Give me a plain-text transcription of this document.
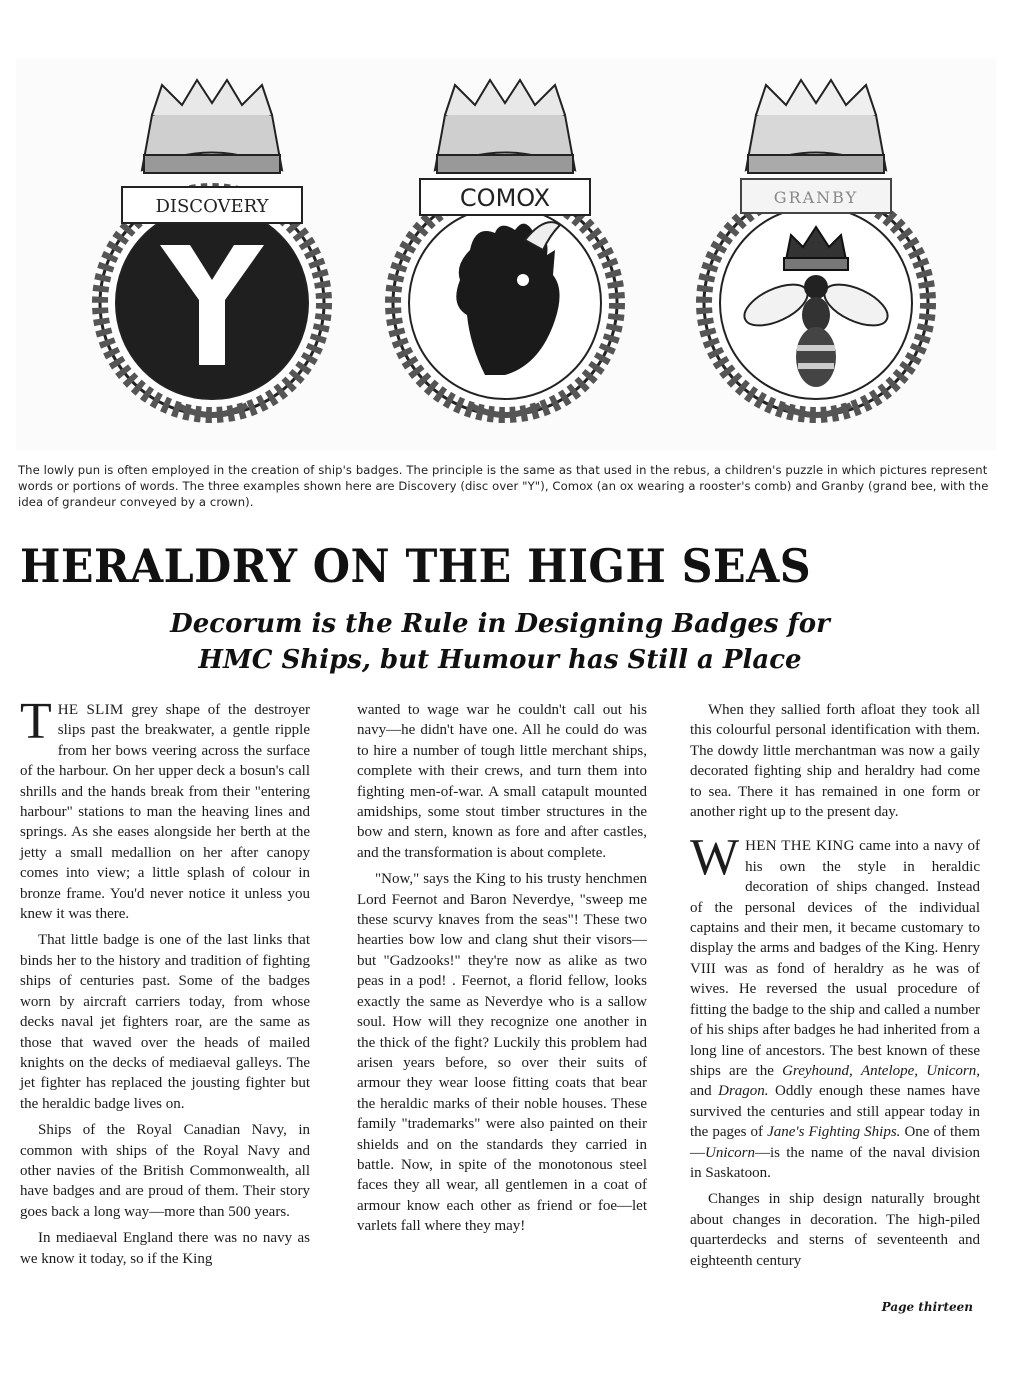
DISCOVERY	COMOX	GRANBY
The lowly pun is often employed in the creation of ship's badges. The principle is the same as that used in the rebus, a children's puzzle in which pictures represent words or portions of words. The three examples shown here are Discovery (disc over "Y"), Comox (an ox wearing a rooster's comb) and Granby (grand bee, with the idea of grandeur conveyed by a crown).
HERALDRY ON THE HIGH SEAS
Decorum is the Rule in Designing Badges for HMC Ships, but Humour has Still a Place

THE SLIM grey shape of the destroyer slips past the breakwater, a gentle ripple from her bows veering across the surface of the harbour. On her upper deck a bosun's call shrills and the hands break from their "entering harbour" stations to man the heaving lines and springs. As she eases alongside her berth at the jetty a small medallion on her after canopy comes into view; a little splash of colour in bronze frame. You'd never notice it unless you knew it was there.

That little badge is one of the last links that binds her to the history and tradition of fighting ships of centuries past. Some of the badges worn by aircraft carriers today, from whose decks naval jet fighters roar, are the same as those that waved over the heads of mailed knights on the decks of mediaeval galleys. The jet fighter has replaced the jousting fighter but the heraldic badge lives on.

Ships of the Royal Canadian Navy, in common with ships of the Royal Navy and other navies of the British Commonwealth, all have badges and are proud of them. Their story goes back a long way—more than 500 years.

In mediaeval England there was no navy as we know it today, so if the King

wanted to wage war he couldn't call out his navy—he didn't have one. All he could do was to hire a number of tough little merchant ships, complete with their crews, and turn them into fighting men-of-war. A small catapult mounted amidships, some stout timber structures in the bow and stern, known as fore and after castles, and the transformation is about complete.

"Now," says the King to his trusty henchmen Lord Feernot and Baron Neverdye, "sweep me these scurvy knaves from the seas"! These two hearties bow low and clang shut their visors—but "Gadzooks!" they're now as alike as two peas in a pod! . Feernot, a florid fellow, looks exactly the same as Neverdye who is a sallow soul. How will they recognize one another in the thick of the fight? Luckily this problem had arisen years before, so over their suits of armour they wear loose fitting coats that bear the heraldic marks of their noble houses. These family "trademarks" were also painted on their shields and on the standards they carried in battle. Now, in spite of the monotonous steel faces they all wear, all gentlemen in a coat of armour know each other as friend or foe—let varlets fall where they may!

When they sallied forth afloat they took all this colourful personal identification with them. The dowdy little merchantman was now a gaily decorated fighting ship and heraldry had come to sea. There it has remained in one form or another right up to the present day.

WHEN THE KING came into a navy of his own the style in heraldic decoration of ships changed. Instead of the personal devices of the individual captains and their men, it became customary to display the arms and badges of the King. Henry VIII was as fond of heraldry as he was of wives. He reversed the usual procedure of fitting the badge to the ship and called a number of his ships after badges he had inherited from a long line of ancestors. The best known of these ships are the Greyhound, Antelope, Unicorn, and Dragon. Oddly enough these names have survived the centuries and still appear today in the pages of Jane's Fighting Ships. One of them—Unicorn—is the name of the naval division in Saskatoon.

Changes in ship design naturally brought about changes in decoration. The high-piled quarterdecks and sterns of seventeenth and eighteenth century

Page thirteen
